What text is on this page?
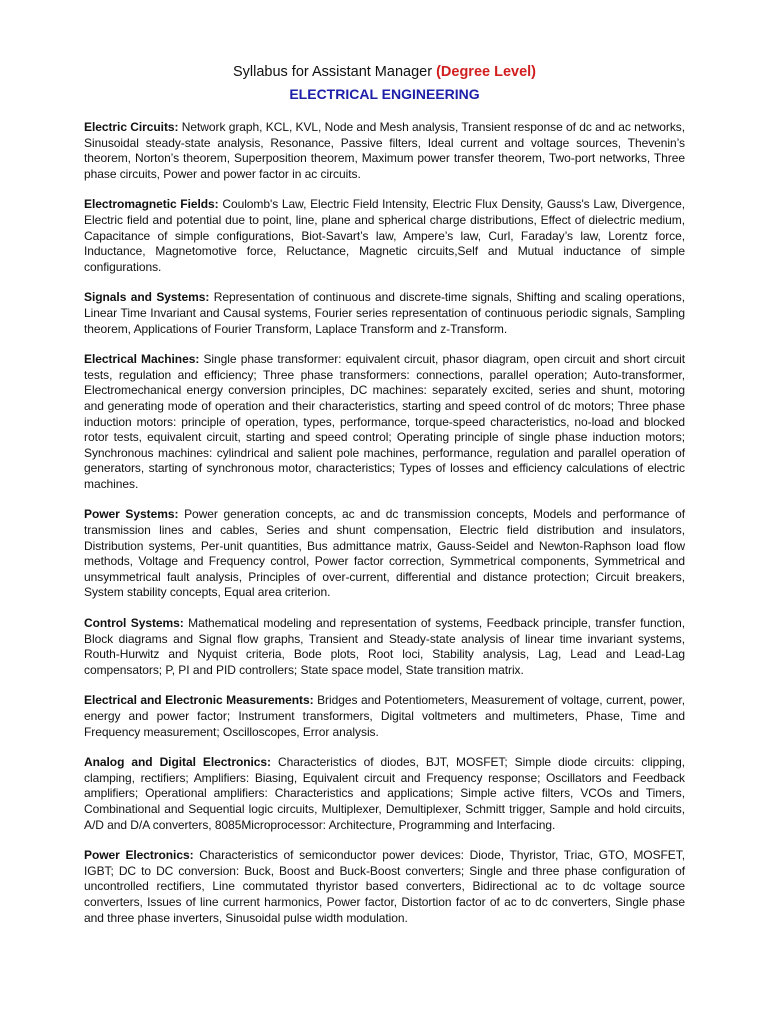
Syllabus for Assistant Manager (Degree Level)

ELECTRICAL ENGINEERING

Electric Circuits: Network graph, KCL, KVL, Node and Mesh analysis, Transient response of dc and ac networks, Sinusoidal steady-state analysis, Resonance, Passive filters, Ideal current and voltage sources, Thevenin’s theorem, Norton’s theorem, Superposition theorem, Maximum power transfer theorem, Two-port networks, Three phase circuits, Power and power factor in ac circuits.

Electromagnetic Fields: Coulomb's Law, Electric Field Intensity, Electric Flux Density, Gauss's Law, Divergence, Electric field and potential due to point, line, plane and spherical charge distributions, Effect of dielectric medium, Capacitance of simple configurations, Biot-Savart’s law, Ampere’s law, Curl, Faraday’s law, Lorentz force, Inductance, Magnetomotive force, Reluctance, Magnetic circuits,Self and Mutual inductance of simple configurations.

Signals and Systems: Representation of continuous and discrete-time signals, Shifting and scaling operations, Linear Time Invariant and Causal systems, Fourier series representation of continuous periodic signals, Sampling theorem, Applications of Fourier Transform, Laplace Transform and z-Transform.

Electrical Machines: Single phase transformer: equivalent circuit, phasor diagram, open circuit and short circuit tests, regulation and efficiency; Three phase transformers: connections, parallel operation; Auto-transformer, Electromechanical energy conversion principles, DC machines: separately excited, series and shunt, motoring and generating mode of operation and their characteristics, starting and speed control of dc motors; Three phase induction motors: principle of operation, types, performance, torque-speed characteristics, no-load and blocked rotor tests, equivalent circuit, starting and speed control; Operating principle of single phase induction motors; Synchronous machines: cylindrical and salient pole machines, performance, regulation and parallel operation of generators, starting of synchronous motor, characteristics; Types of losses and efficiency calculations of electric machines.

Power Systems: Power generation concepts, ac and dc transmission concepts, Models and performance of transmission lines and cables, Series and shunt compensation, Electric field distribution and insulators, Distribution systems, Per-unit quantities, Bus admittance matrix, Gauss-Seidel and Newton-Raphson load flow methods, Voltage and Frequency control, Power factor correction, Symmetrical components, Symmetrical and unsymmetrical fault analysis, Principles of over-current, differential and distance protection; Circuit breakers, System stability concepts, Equal area criterion.

Control Systems: Mathematical modeling and representation of systems, Feedback principle, transfer function, Block diagrams and Signal flow graphs, Transient and Steady-state analysis of linear time invariant systems, Routh-Hurwitz and Nyquist criteria, Bode plots, Root loci, Stability analysis, Lag, Lead and Lead-Lag compensators; P, PI and PID controllers; State space model, State transition matrix.

Electrical and Electronic Measurements: Bridges and Potentiometers, Measurement of voltage, current, power, energy and power factor; Instrument transformers, Digital voltmeters and multimeters, Phase, Time and Frequency measurement; Oscilloscopes, Error analysis.

Analog and Digital Electronics: Characteristics of diodes, BJT, MOSFET; Simple diode circuits: clipping, clamping, rectifiers; Amplifiers: Biasing, Equivalent circuit and Frequency response; Oscillators and Feedback amplifiers; Operational amplifiers: Characteristics and applications; Simple active filters, VCOs and Timers, Combinational and Sequential logic circuits, Multiplexer, Demultiplexer, Schmitt trigger, Sample and hold circuits, A/D and D/A converters, 8085Microprocessor: Architecture, Programming and Interfacing.

Power Electronics: Characteristics of semiconductor power devices: Diode, Thyristor, Triac, GTO, MOSFET, IGBT; DC to DC conversion: Buck, Boost and Buck-Boost converters; Single and three phase configuration of uncontrolled rectifiers, Line commutated thyristor based converters, Bidirectional ac to dc voltage source converters, Issues of line current harmonics, Power factor, Distortion factor of ac to dc converters, Single phase and three phase inverters, Sinusoidal pulse width modulation.
